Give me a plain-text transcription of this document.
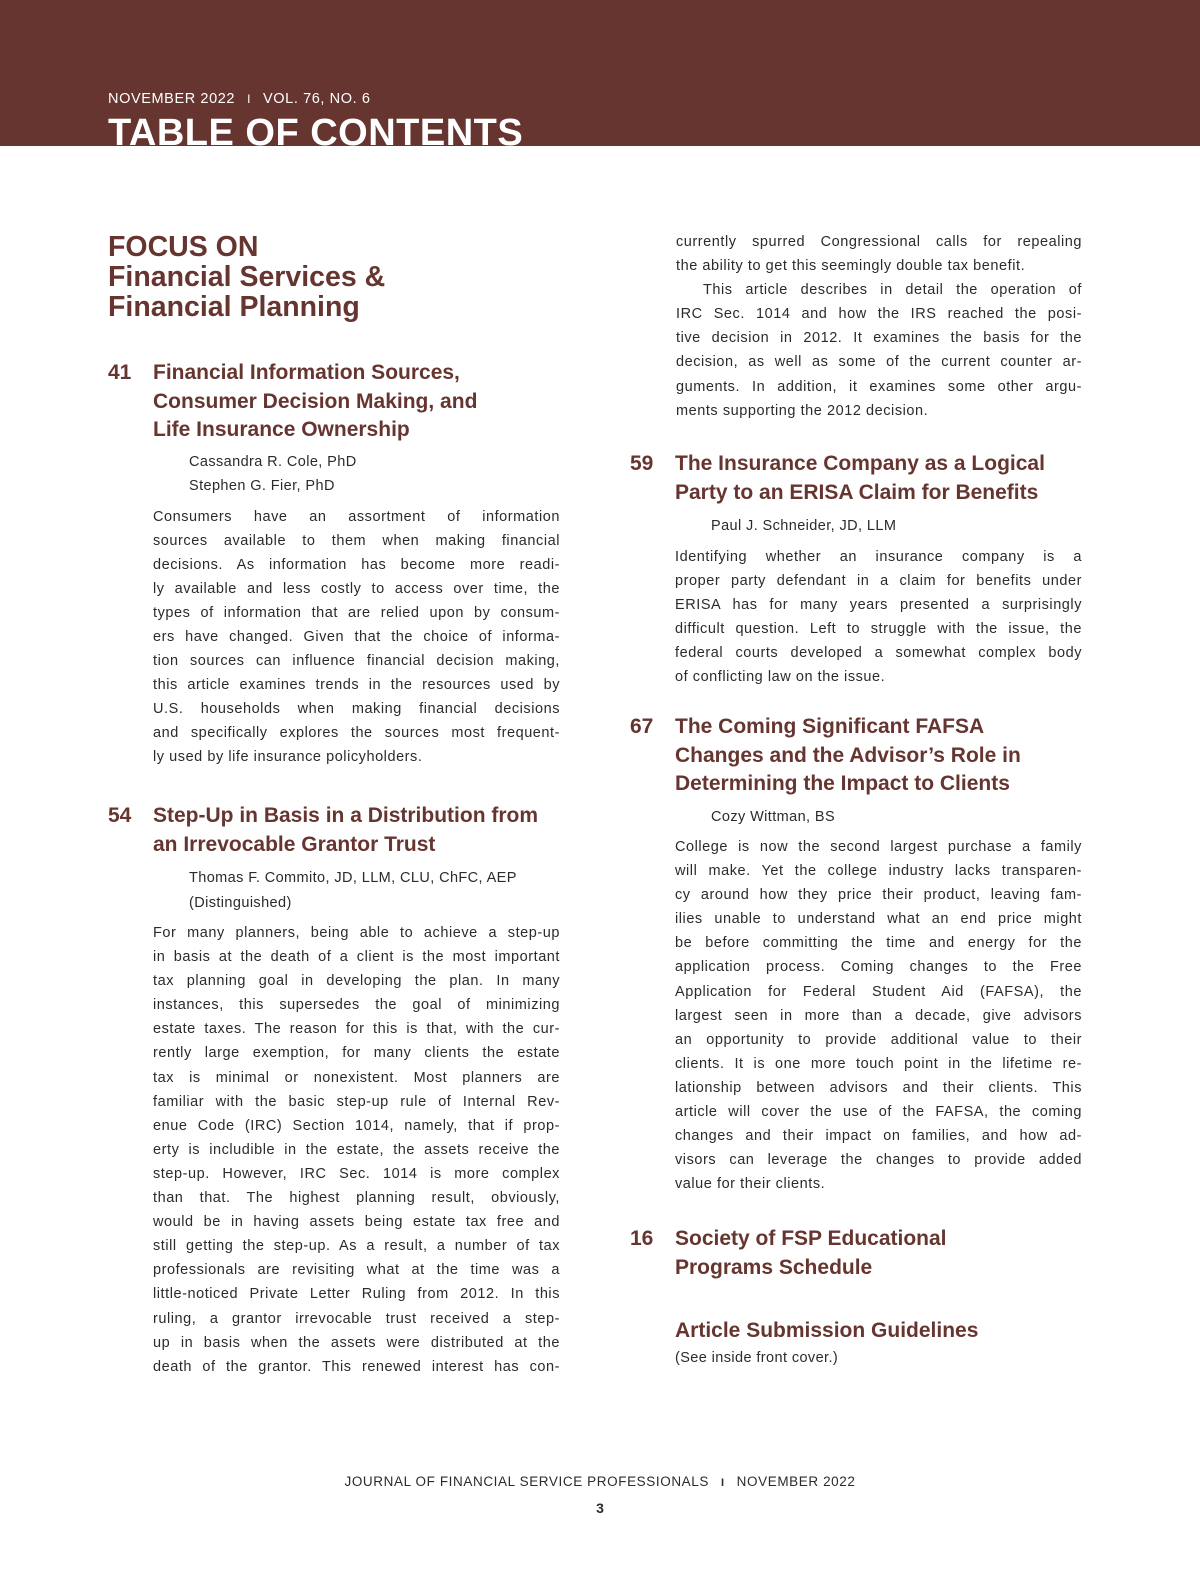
NOVEMBER 2022 I VOL. 76, NO. 6
TABLE OF CONTENTS
FOCUS ON
Financial Services &
Financial Planning
41 Financial Information Sources,
Consumer Decision Making, and
Life Insurance Ownership
Cassandra R. Cole, PhD
Stephen G. Fier, PhD
Consumers have an assortment of information
sources available to them when making financial
decisions. As information has become more readi-
ly available and less costly to access over time, the
types of information that are relied upon by consum-
ers have changed. Given that the choice of informa-
tion sources can influence financial decision making,
this article examines trends in the resources used by
U.S. households when making financial decisions
and specifically explores the sources most frequent-
ly used by life insurance policyholders.
54 Step-Up in Basis in a Distribution from
an Irrevocable Grantor Trust
Thomas F. Commito, JD, LLM, CLU, ChFC, AEP
(Distinguished)
For many planners, being able to achieve a step-up
in basis at the death of a client is the most important
tax planning goal in developing the plan. In many
instances, this supersedes the goal of minimizing
estate taxes. The reason for this is that, with the cur-
rently large exemption, for many clients the estate
tax is minimal or nonexistent. Most planners are
familiar with the basic step-up rule of Internal Rev-
enue Code (IRC) Section 1014, namely, that if prop-
erty is includible in the estate, the assets receive the
step-up. However, IRC Sec. 1014 is more complex
than that. The highest planning result, obviously,
would be in having assets being estate tax free and
still getting the step-up. As a result, a number of tax
professionals are revisiting what at the time was a
little-noticed Private Letter Ruling from 2012. In this
ruling, a grantor irrevocable trust received a step-
up in basis when the assets were distributed at the
death of the grantor. This renewed interest has con-
currently spurred Congressional calls for repealing
the ability to get this seemingly double tax benefit.
This article describes in detail the operation of
IRC Sec. 1014 and how the IRS reached the posi-
tive decision in 2012. It examines the basis for the
decision, as well as some of the current counter ar-
guments. In addition, it examines some other argu-
ments supporting the 2012 decision.
59 The Insurance Company as a Logical
Party to an ERISA Claim for Benefits
Paul J. Schneider, JD, LLM
Identifying whether an insurance company is a
proper party defendant in a claim for benefits under
ERISA has for many years presented a surprisingly
difficult question. Left to struggle with the issue, the
federal courts developed a somewhat complex body
of conflicting law on the issue.
67 The Coming Significant FAFSA
Changes and the Advisor’s Role in
Determining the Impact to Clients
Cozy Wittman, BS
College is now the second largest purchase a family
will make. Yet the college industry lacks transparen-
cy around how they price their product, leaving fam-
ilies unable to understand what an end price might
be before committing the time and energy for the
application process. Coming changes to the Free
Application for Federal Student Aid (FAFSA), the
largest seen in more than a decade, give advisors
an opportunity to provide additional value to their
clients. It is one more touch point in the lifetime re-
lationship between advisors and their clients. This
article will cover the use of the FAFSA, the coming
changes and their impact on families, and how ad-
visors can leverage the changes to provide added
value for their clients.
16 Society of FSP Educational
Programs Schedule
Article Submission Guidelines
(See inside front cover.)
JOURNAL OF FINANCIAL SERVICE PROFESSIONALS I NOVEMBER 2022
3
